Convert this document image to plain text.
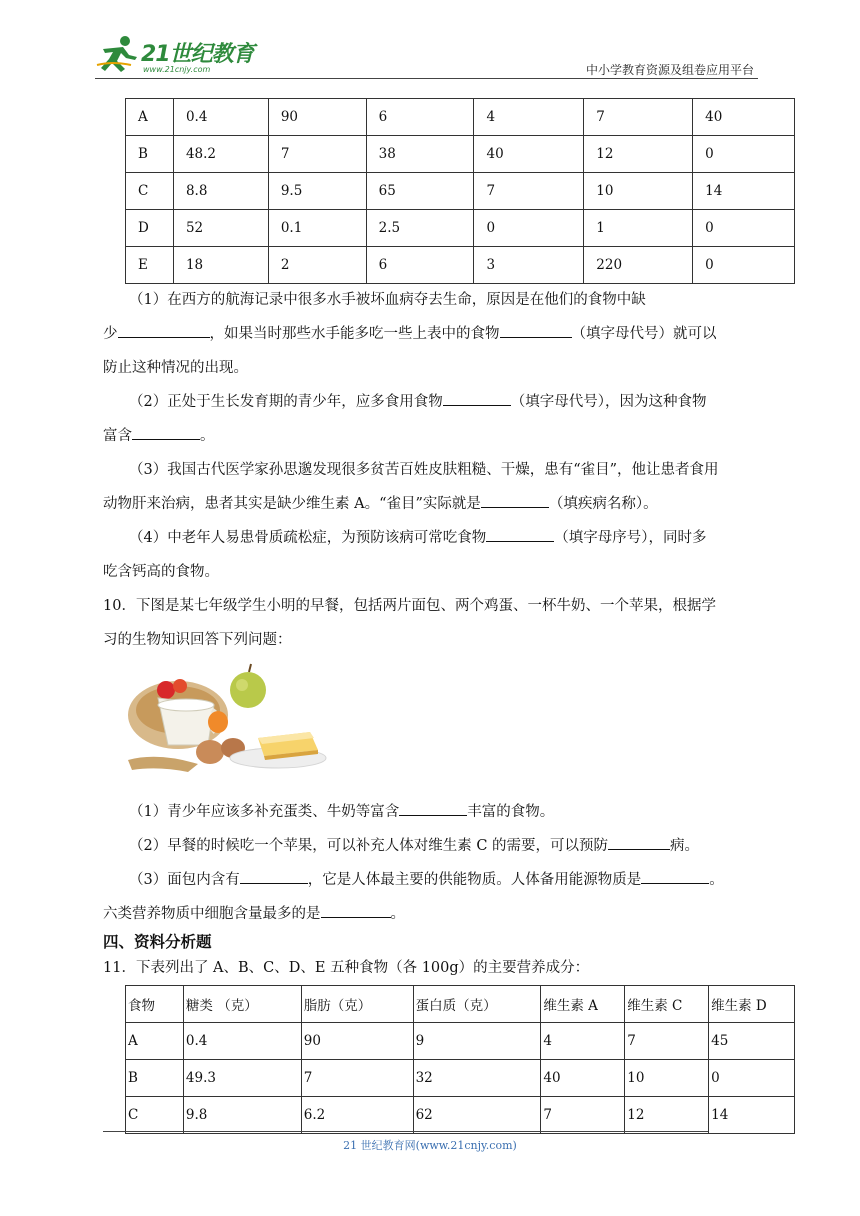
21世纪教育
www.21cnjy.com	中小学教育资源及组卷应用平台
A	0.4	90	6	4	7	40
B	48.2	7	38	40	12	0
C	8.8	9.5	65	7	10	14
D	52	0.1	2.5	0	1	0
E	18	2	6	3	220	0
（1）在西方的航海记录中很多水手被坏血病夺去生命，原因是在他们的食物中缺
少	，如果当时那些水手能多吃一些上表中的食物	（填字母代号）就可以
防止这种情况的出现。
（2）正处于生长发育期的青少年，应多食用食物	（填字母代号），因为这种食物
富含	。
（3）我国古代医学家孙思邈发现很多贫苦百姓皮肤粗糙、干燥，患有“雀目”，他让患者食用
动物肝来治病，患者其实是缺少维生素 A。“雀目”实际就是	（填疾病名称）。
（4）中老年人易患骨质疏松症，为预防该病可常吃食物	（填字母序号），同时多
吃含钙高的食物。
10．下图是某七年级学生小明的早餐，包括两片面包、两个鸡蛋、一杯牛奶、一个苹果，根据学
习的生物知识回答下列问题：
（1）青少年应该多补充蛋类、牛奶等富含	丰富的食物。
（2）早餐的时候吃一个苹果，可以补充人体对维生素 C 的需要，可以预防	病。
（3）面包内含有	，它是人体最主要的供能物质。人体备用能源物质是	。
六类营养物质中细胞含量最多的是	。
四、资料分析题
11．下表列出了 A、B、C、D、E 五种食物（各 100g）的主要营养成分：
食物	糖类 （克）	脂肪（克）	蛋白质（克）	维生素 A	维生素 C	维生素 D
A	0.4	90	9	4	7	45
B	49.3	7	32	40	10	0
C	9.8	6.2	62	7	12	14
21 世纪教育网(www.21cnjy.com)
